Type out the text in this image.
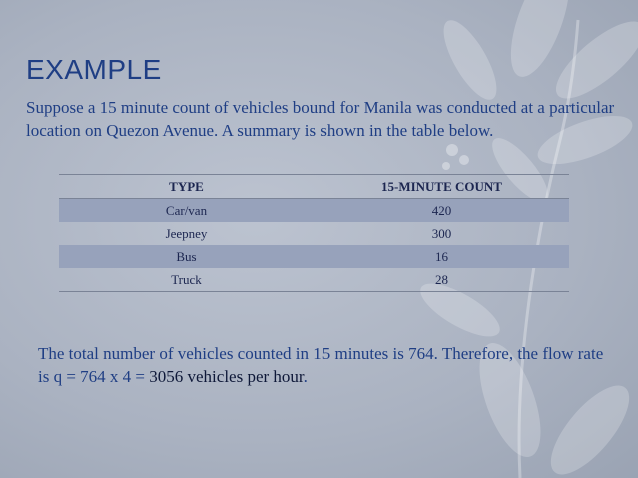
EXAMPLE

Suppose a 15 minute count of vehicles bound for Manila was conducted at a particular location on Quezon Avenue. A summary is shown in the table below.

TYPE	15-MINUTE COUNT
Car/van	420
Jeepney	300
Bus	16
Truck	28

The total number of vehicles counted in 15 minutes is 764. Therefore, the flow rate is q = 764 x 4 = 3056 vehicles per hour.
